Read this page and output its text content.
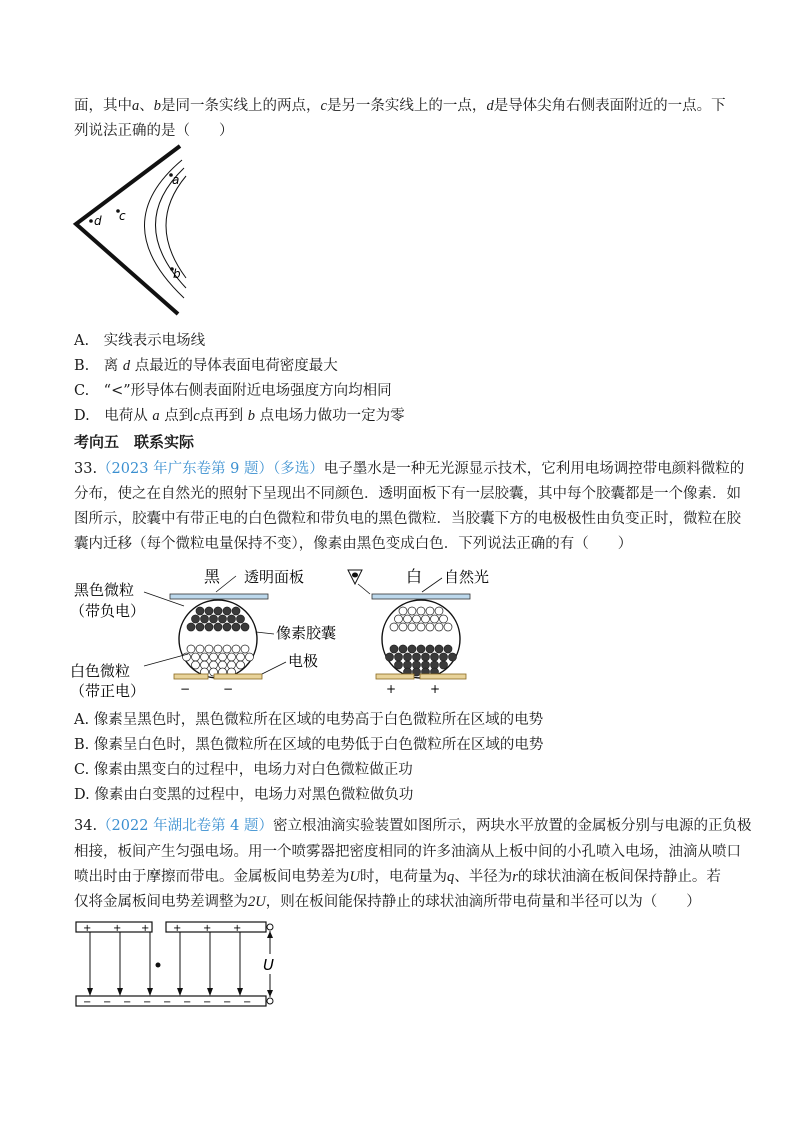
面，其中a、b是同一条实线上的两点，c是另一条实线上的一点，d是导体尖角右侧表面附近的一点。下
列说法正确的是（　　）
a
b
c
d
A.　实线表示电场线
B.　离 d 点最近的导体表面电荷密度最大
C.　“<”形导体右侧表面附近电场强度方向均相同
D.　电荷从 a 点到c点再到 b 点电场力做功一定为零
考向五　联系实际
33.（2023 年广东卷第 9 题）（多选）电子墨水是一种无光源显示技术，它利用电场调控带电颜料微粒的
分布，使之在自然光的照射下呈现出不同颜色．透明面板下有一层胶囊，其中每个胶囊都是一个像素．如
图所示，胶囊中有带正电的白色微粒和带负电的黑色微粒．当胶囊下方的电极极性由负变正时，微粒在胶
囊内迁移（每个微粒电量保持不变），像素由黑色变成白色．下列说法正确的有（　　）
黑 透明面板
−	−
黑色微粒
（带负电）
白色微粒
（带正电）
像素胶囊
电极
白 自然光
+	+
A. 像素呈黑色时，黑色微粒所在区域的电势高于白色微粒所在区域的电势
B. 像素呈白色时，黑色微粒所在区域的电势低于白色微粒所在区域的电势
C. 像素由黑变白的过程中，电场力对白色微粒做正功
D. 像素由白变黑的过程中，电场力对黑色微粒做负功
34.（2022 年湖北卷第 4 题）密立根油滴实验装置如图所示，两块水平放置的金属板分别与电源的正负极
相接，板间产生匀强电场。用一个喷雾器把密度相同的许多油滴从上板中间的小孔喷入电场，油滴从喷口
喷出时由于摩擦而带电。金属板间电势差为U时，电荷量为q、半径为r的球状油滴在板间保持静止。若
仅将金属板间电势差调整为2U，则在板间能保持静止的球状油滴所带电荷量和半径可以为（　　）
+ + + + + +
− − − − − − − − −
U
